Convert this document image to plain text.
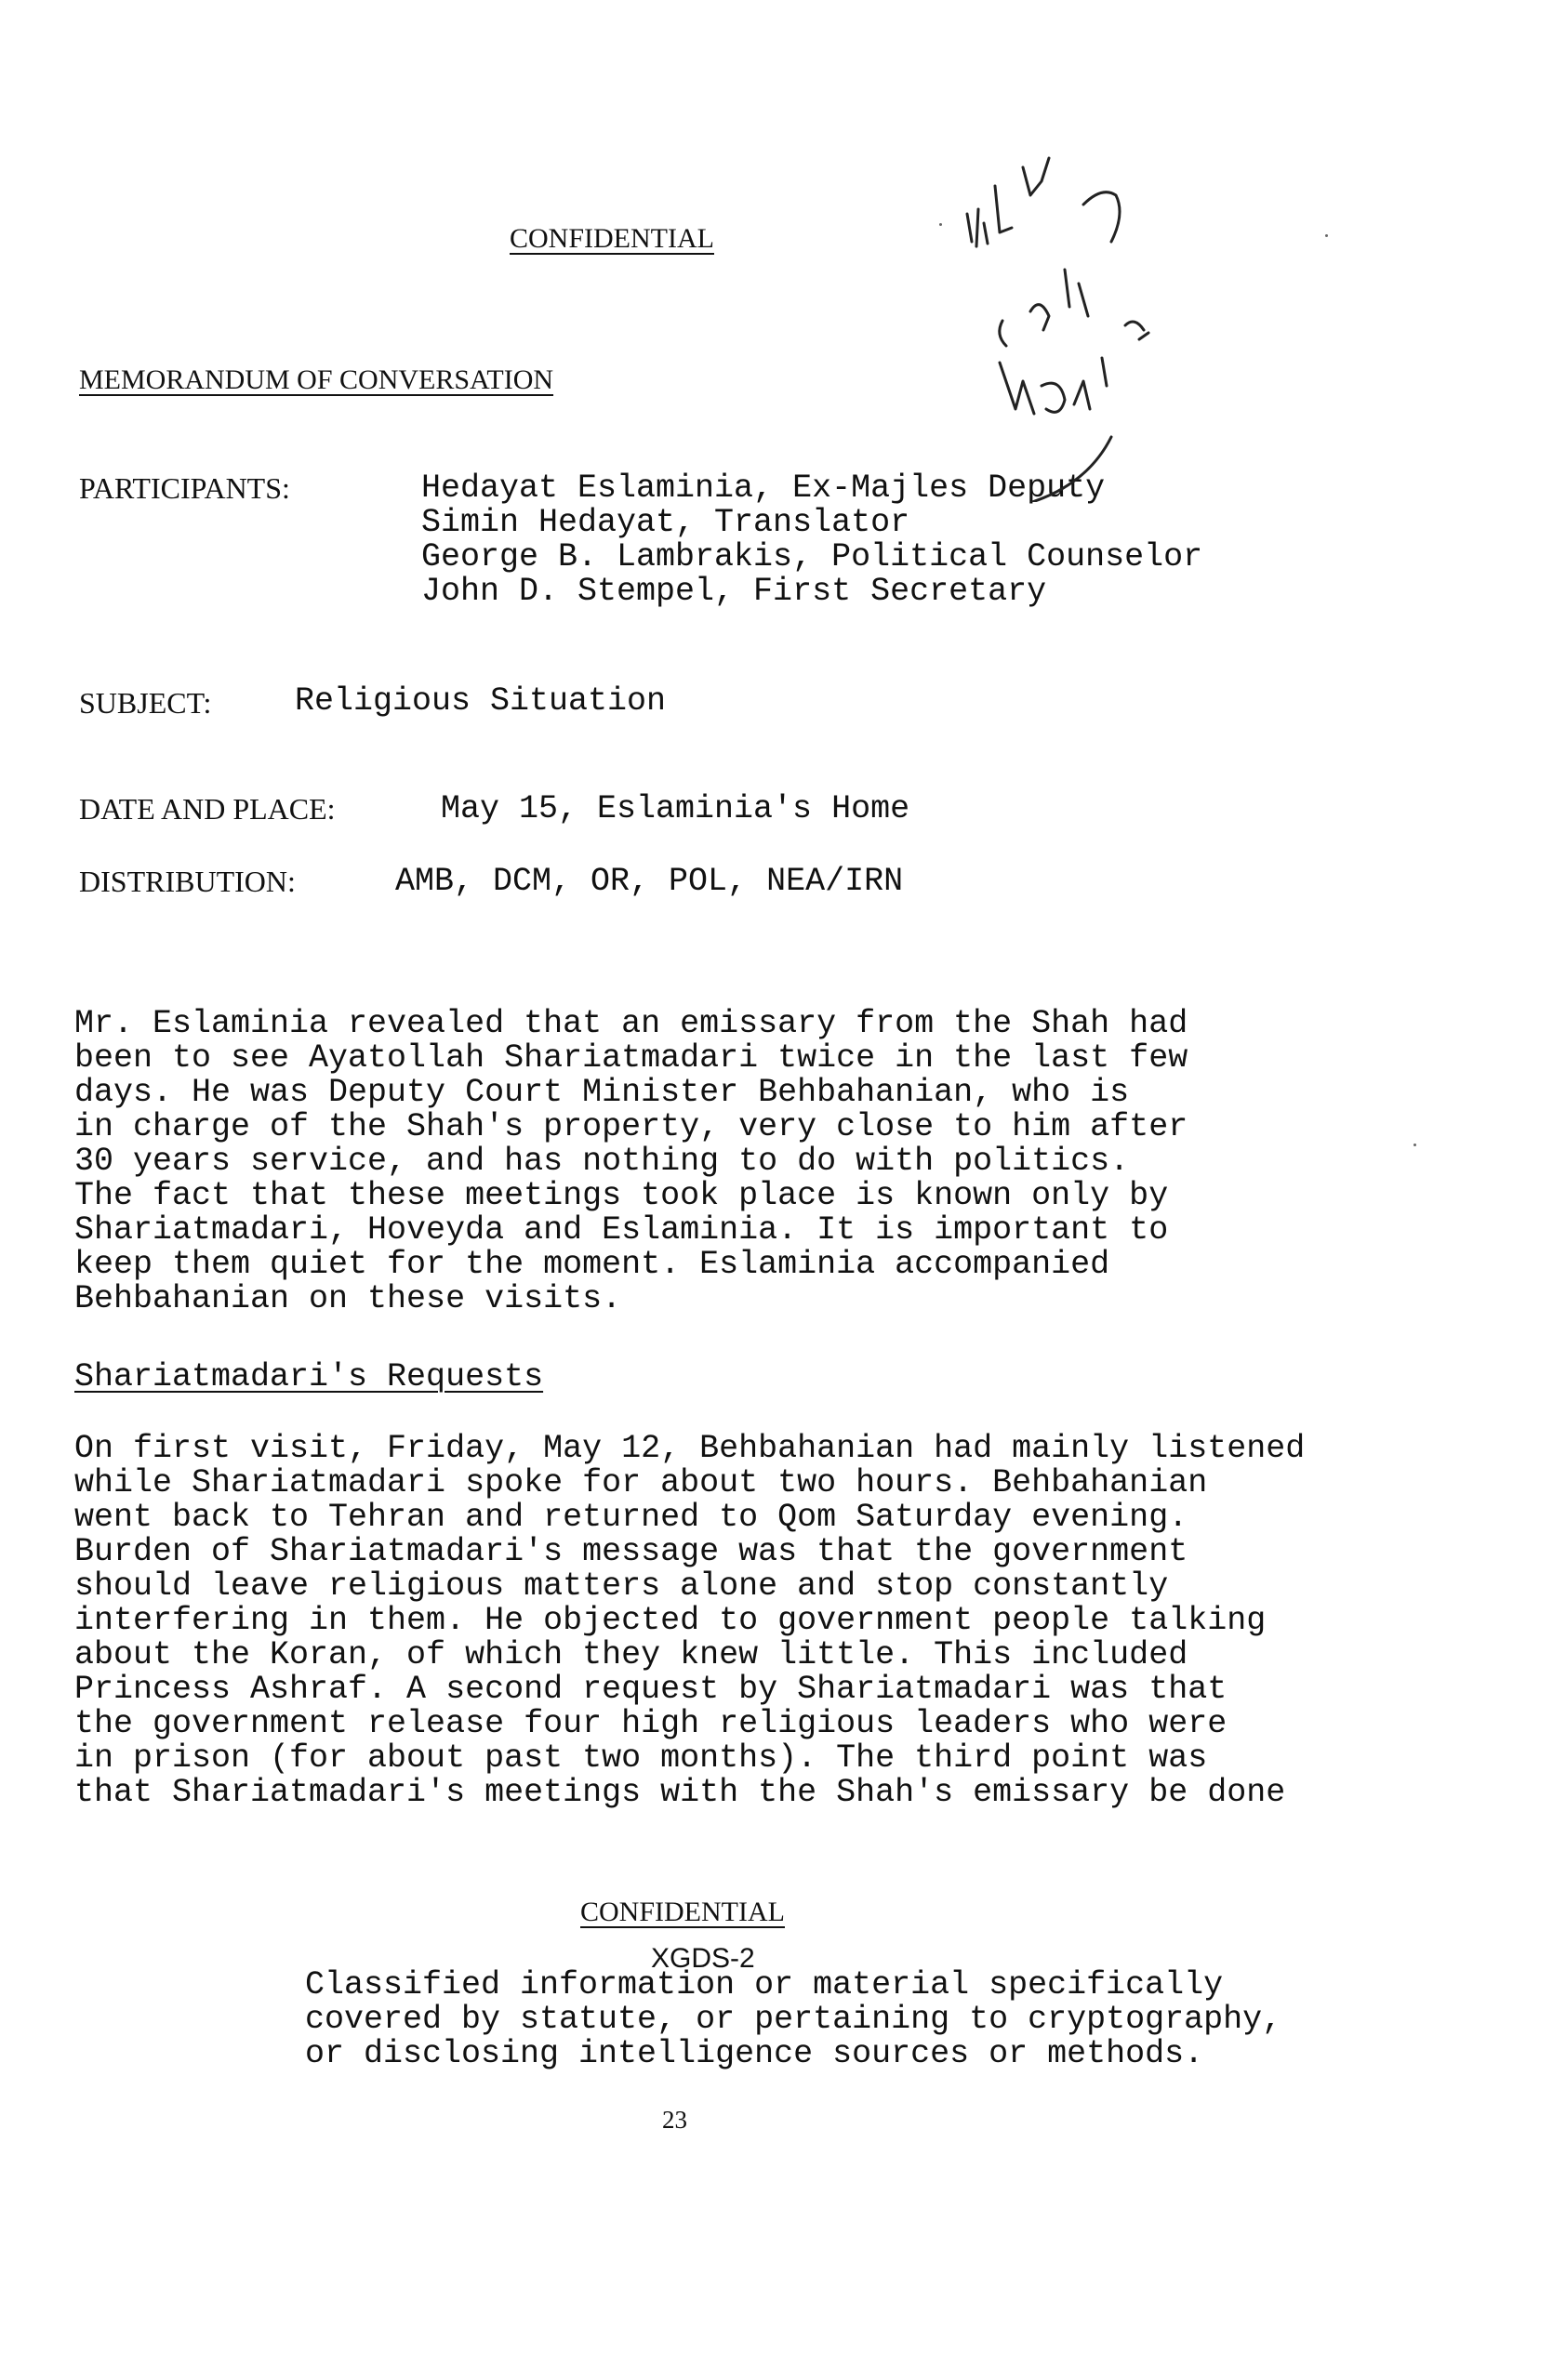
CONFIDENTIAL
MEMORANDUM OF CONVERSATION
PARTICIPANTS:	Hedayat Eslaminia, Ex-Majles Deputy
Simin Hedayat, Translator
George B. Lambrakis, Political Counselor
John D. Stempel, First Secretary
SUBJECT:	Religious Situation
DATE AND PLACE:	May 15, Eslaminia's Home
DISTRIBUTION:	AMB, DCM, OR, POL, NEA/IRN
Mr. Eslaminia revealed that an emissary from the Shah had
been to see Ayatollah Shariatmadari twice in the last few
days. He was Deputy Court Minister Behbahanian, who is
in charge of the Shah's property, very close to him after
30 years service, and has nothing to do with politics.
The fact that these meetings took place is known only by
Shariatmadari, Hoveyda and Eslaminia. It is important to
keep them quiet for the moment. Eslaminia accompanied
Behbahanian on these visits.
Shariatmadari's Requests
On first visit, Friday, May 12, Behbahanian had mainly listened
while Shariatmadari spoke for about two hours. Behbahanian
went back to Tehran and returned to Qom Saturday evening.
Burden of Shariatmadari's message was that the government
should leave religious matters alone and stop constantly
interfering in them. He objected to government people talking
about the Koran, of which they knew little. This included
Princess Ashraf. A second request by Shariatmadari was that
the government release four high religious leaders who were
in prison (for about past two months). The third point was
that Shariatmadari's meetings with the Shah's emissary be done
CONFIDENTIAL
XGDS-2
Classified information or material specifically
covered by statute, or pertaining to cryptography,
or disclosing intelligence sources or methods.
23
